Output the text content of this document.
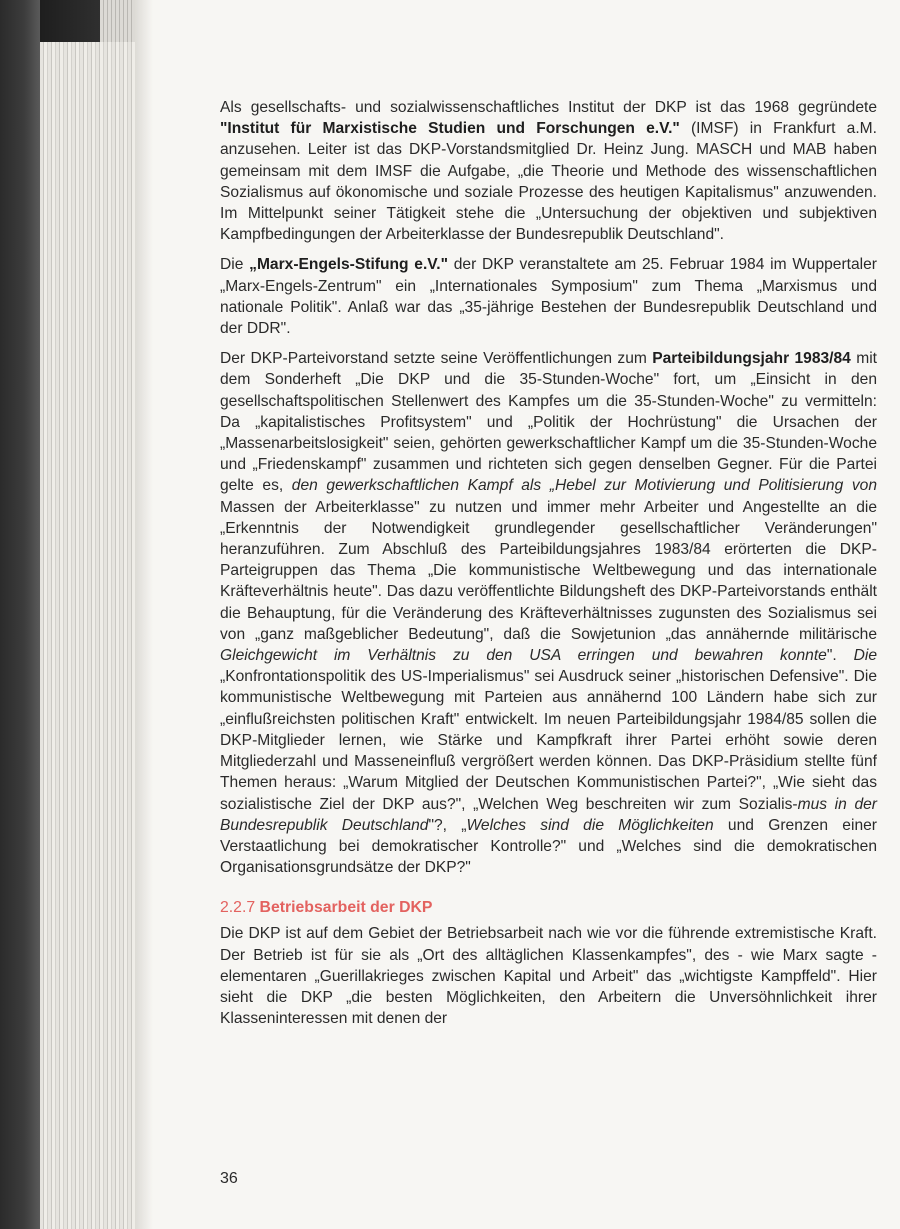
Als gesellschafts- und sozialwissenschaftliches Institut der DKP ist das 1968 gegründete "Institut für Marxistische Studien und Forschungen e.V." (IMSF) in Frankfurt a.M. anzusehen. Leiter ist das DKP-Vorstandsmitglied Dr. Heinz Jung. MASCH und MAB haben gemeinsam mit dem IMSF die Aufgabe, „die Theorie und Methode des wissenschaftlichen Sozialismus auf ökonomische und soziale Prozesse des heutigen Kapitalismus" anzuwenden. Im Mittelpunkt seiner Tätigkeit stehe die „Untersuchung der objektiven und subjektiven Kampfbedingungen der Arbeiterklasse der Bundesrepublik Deutschland".

Die „Marx-Engels-Stifung e.V." der DKP veranstaltete am 25. Februar 1984 im Wuppertaler „Marx-Engels-Zentrum" ein „Internationales Symposium" zum Thema „Marxismus und nationale Politik". Anlaß war das „35-jährige Bestehen der Bundesrepublik Deutschland und der DDR".

Der DKP-Parteivorstand setzte seine Veröffentlichungen zum Parteibildungsjahr 1983/84 mit dem Sonderheft „Die DKP und die 35-Stunden-Woche" fort, um „Einsicht in den gesellschaftspolitischen Stellenwert des Kampfes um die 35-Stunden-Woche" zu vermitteln: Da „kapitalistisches Profitsystem" und „Politik der Hochrüstung" die Ursachen der „Massenarbeitslosigkeit" seien, gehörten gewerkschaftlicher Kampf um die 35-Stunden-Woche und „Friedenskampf" zusammen und richteten sich gegen denselben Gegner. Für die Partei gelte es, den gewerkschaftlichen Kampf als „Hebel zur Motivierung und Politisierung von Massen der Arbeiterklasse" zu nutzen und immer mehr Arbeiter und Angestellte an die „Erkenntnis der Notwendigkeit grundlegender gesellschaftlicher Veränderungen" heranzuführen. Zum Abschluß des Parteibildungsjahres 1983/84 erörterten die DKP-Parteigruppen das Thema „Die kommunistische Weltbewegung und das internationale Kräfteverhältnis heute". Das dazu veröffentlichte Bildungsheft des DKP-Parteivorstands enthält die Behauptung, für die Veränderung des Kräfteverhältnisses zugunsten des Sozialismus sei von „ganz maßgeblicher Bedeutung", daß die Sowjetunion „das annähernde militärische Gleichgewicht im Verhältnis zu den USA erringen und bewahren konnte". Die „Konfrontationspolitik des US-Imperialismus" sei Ausdruck seiner „historischen Defensive". Die kommunistische Weltbewegung mit Parteien aus annähernd 100 Ländern habe sich zur „einflußreichsten politischen Kraft" entwickelt. Im neuen Parteibildungsjahr 1984/85 sollen die DKP-Mitglieder lernen, wie Stärke und Kampfkraft ihrer Partei erhöht sowie deren Mitgliederzahl und Masseneinfluß vergrößert werden können. Das DKP-Präsidium stellte fünf Themen heraus: „Warum Mitglied der Deutschen Kommunistischen Partei?", „Wie sieht das sozialistische Ziel der DKP aus?", „Welchen Weg beschreiten wir zum Sozialis-mus in der Bundesrepublik Deutschland"?, „Welches sind die Möglichkeiten und Grenzen einer Verstaatlichung bei demokratischer Kontrolle?" und „Welches sind die demokratischen Organisationsgrundsätze der DKP?"

2.2.7 Betriebsarbeit der DKP

Die DKP ist auf dem Gebiet der Betriebsarbeit nach wie vor die führende extremistische Kraft. Der Betrieb ist für sie als „Ort des alltäglichen Klassenkampfes", des - wie Marx sagte - elementaren „Guerillakrieges zwischen Kapital und Arbeit" das „wichtigste Kampffeld". Hier sieht die DKP „die besten Möglichkeiten, den Arbeitern die Unversöhnlichkeit ihrer Klasseninteressen mit denen der

36
